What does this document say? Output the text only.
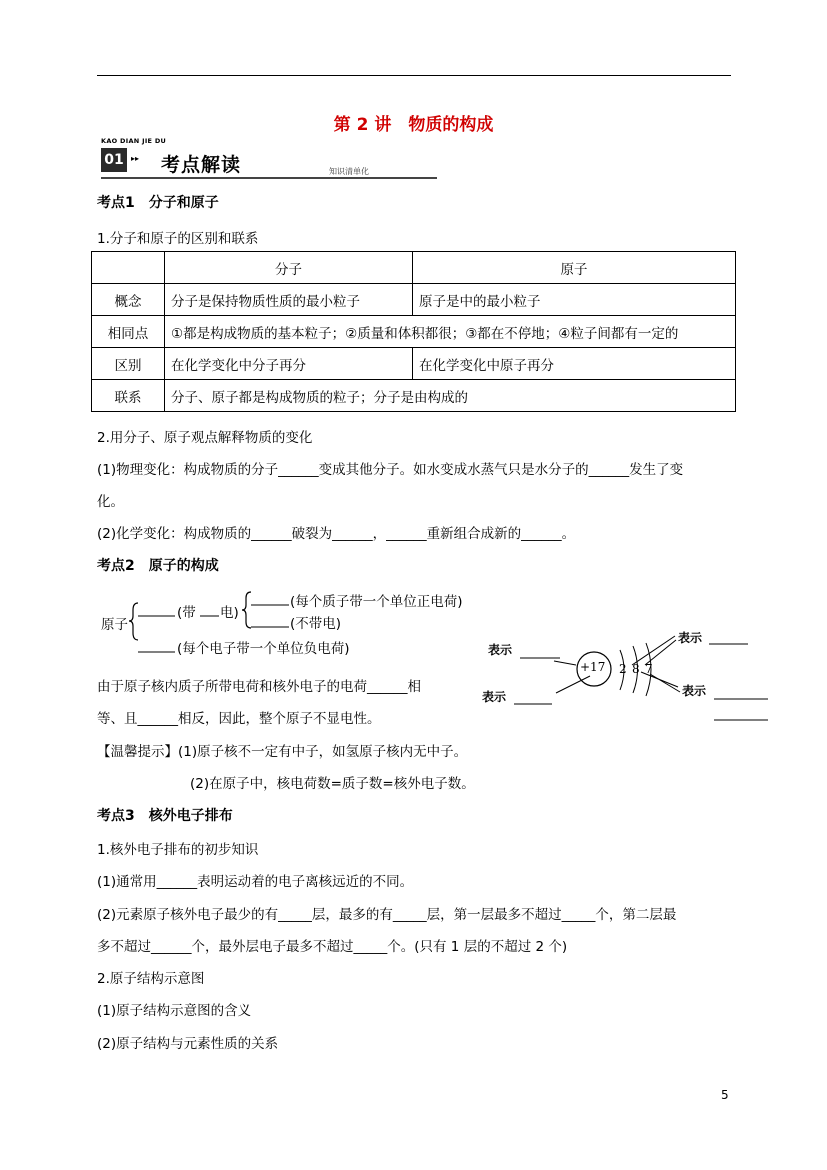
第 2 讲　物质的构成
KAO DIAN JIE DU
01 ▸▸ 考点解读	知识清单化
考点1　分子和原子
1.分子和原子的区别和联系
	分子	原子
概念	分子是保持物质性质的最小粒子	原子是中的最小粒子
相同点	①都是构成物质的基本粒子；②质量和体积都很；③都在不停地；④粒子间都有一定的	
区别	在化学变化中分子再分	在化学变化中原子再分
联系	分子、原子都是构成物质的粒子；分子是由构成的	
2.用分子、原子观点解释物质的变化
(1)物理变化：构成物质的分子______变成其他分子。如水变成水蒸气只是水分子的______发生了变
化。
(2)化学变化：构成物质的______破裂为______，______重新组合成新的______。
考点2　原子的构成
原子
(带 电)
(每个质子带一个单位正电荷)
(不带电)
(每个电子带一个单位负电荷)
+17 2 8 7
表示
表示
表示
表示
由于原子核内质子所带电荷和核外电子的电荷______相
等、且______相反，因此，整个原子不显电性。
【温馨提示】(1)原子核不一定有中子，如氢原子核内无中子。
(2)在原子中，核电荷数=质子数=核外电子数。
考点3　核外电子排布
1.核外电子排布的初步知识
(1)通常用______表明运动着的电子离核远近的不同。
(2)元素原子核外电子最少的有_____层，最多的有_____层，第一层最多不超过_____个，第二层最
多不超过______个，最外层电子最多不超过_____个。(只有 1 层的不超过 2 个)
2.原子结构示意图
(1)原子结构示意图的含义
(2)原子结构与元素性质的关系
5
